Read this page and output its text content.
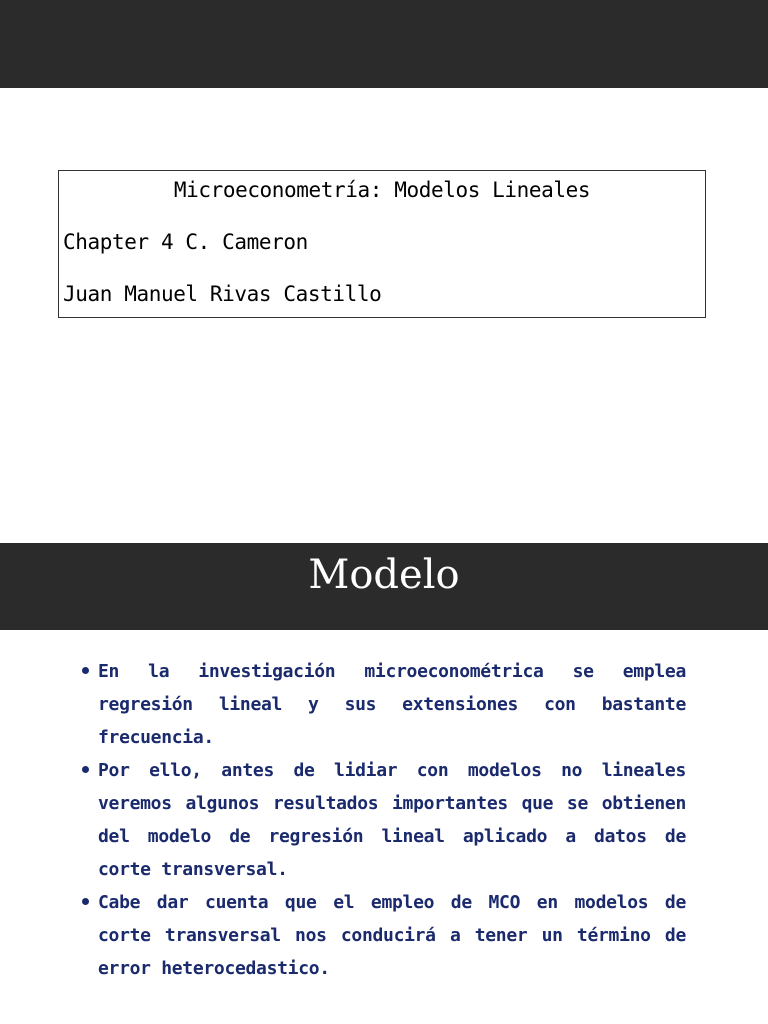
Microeconometría: Modelos Lineales
Chapter 4 C. Cameron
Juan Manuel Rivas Castillo
Modelo
En la investigación microeconométrica se emplea regresión lineal y sus extensiones con bastante frecuencia.
Por ello, antes de lidiar con modelos no lineales veremos algunos resultados importantes que se obtienen del modelo de regresión lineal aplicado a datos de corte transversal.
Cabe dar cuenta que el empleo de MCO en modelos de corte transversal nos conducirá a tener un término de error heterocedastico.
